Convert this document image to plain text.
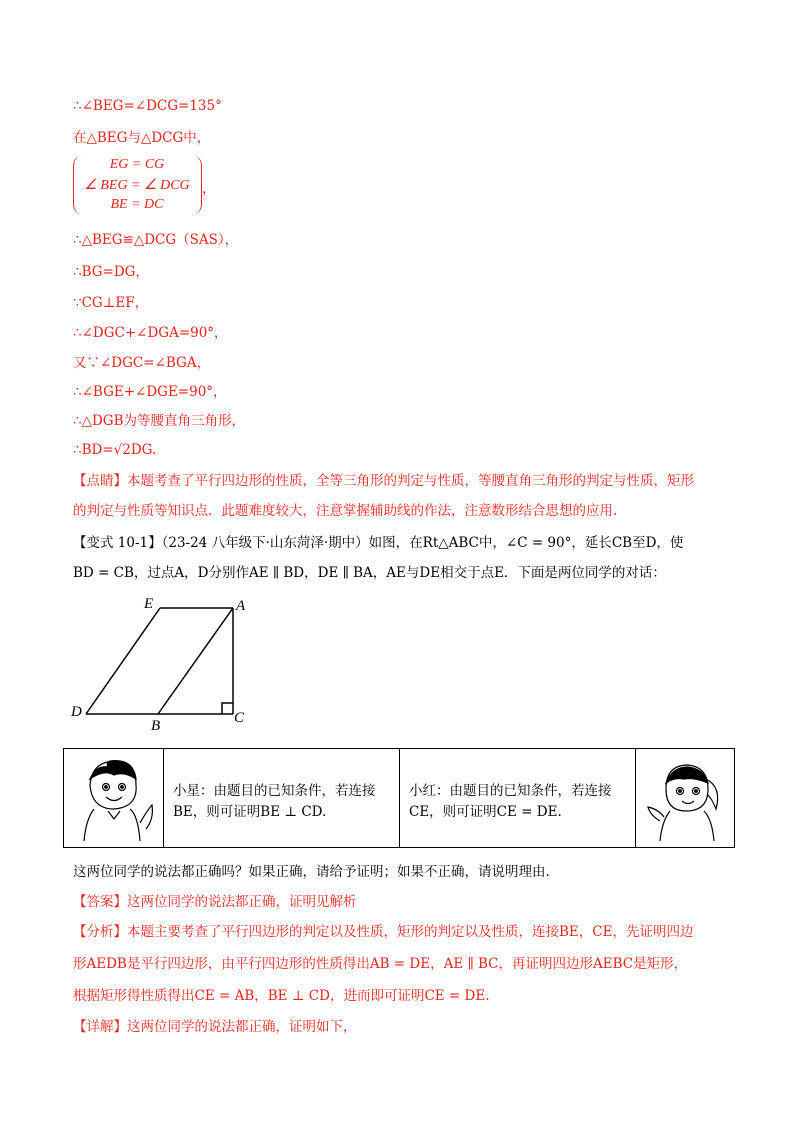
∴∠BEG=∠DCG=135°
在△BEG与△DCG中，
EG = CG
∠ BEG = ∠ DCG
BE = DC
，
∴△BEG≌△DCG（SAS），
∴BG=DG，
∵CG⊥EF，
∴∠DGC+∠DGA=90°，
又∵∠DGC=∠BGA，
∴∠BGE+∠DGE=90°，
∴△DGB为等腰直角三角形，
∴BD=√2DG.
【点睛】本题考查了平行四边形的性质，全等三角形的判定与性质，等腰直角三角形的判定与性质，矩形
的判定与性质等知识点．此题难度较大，注意掌握辅助线的作法，注意数形结合思想的应用.
【变式 10-1】（23-24 八年级下·山东菏泽·期中）如图，在Rt△ABC中，∠C = 90°，延长CB至D，使
BD = CB，过点A，D分别作AE ∥ BD，DE ∥ BA，AE与DE相交于点E．下面是两位同学的对话：
E	A
D
B	C
小星：由题目的已知条件，若连接
BE，则可证明BE ⊥ CD.
小红：由题目的已知条件，若连接
CE，则可证明CE = DE.
这两位同学的说法都正确吗？如果正确，请给予证明；如果不正确，请说明理由.
【答案】这两位同学的说法都正确，证明见解析
【分析】本题主要考查了平行四边形的判定以及性质，矩形的判定以及性质，连接BE，CE，先证明四边
形AEDB是平行四边形，由平行四边形的性质得出AB = DE，AE ∥ BC，再证明四边形AEBC是矩形，
根据矩形得性质得出CE = AB，BE ⊥ CD，进而即可证明CE = DE.
【详解】这两位同学的说法都正确，证明如下，
